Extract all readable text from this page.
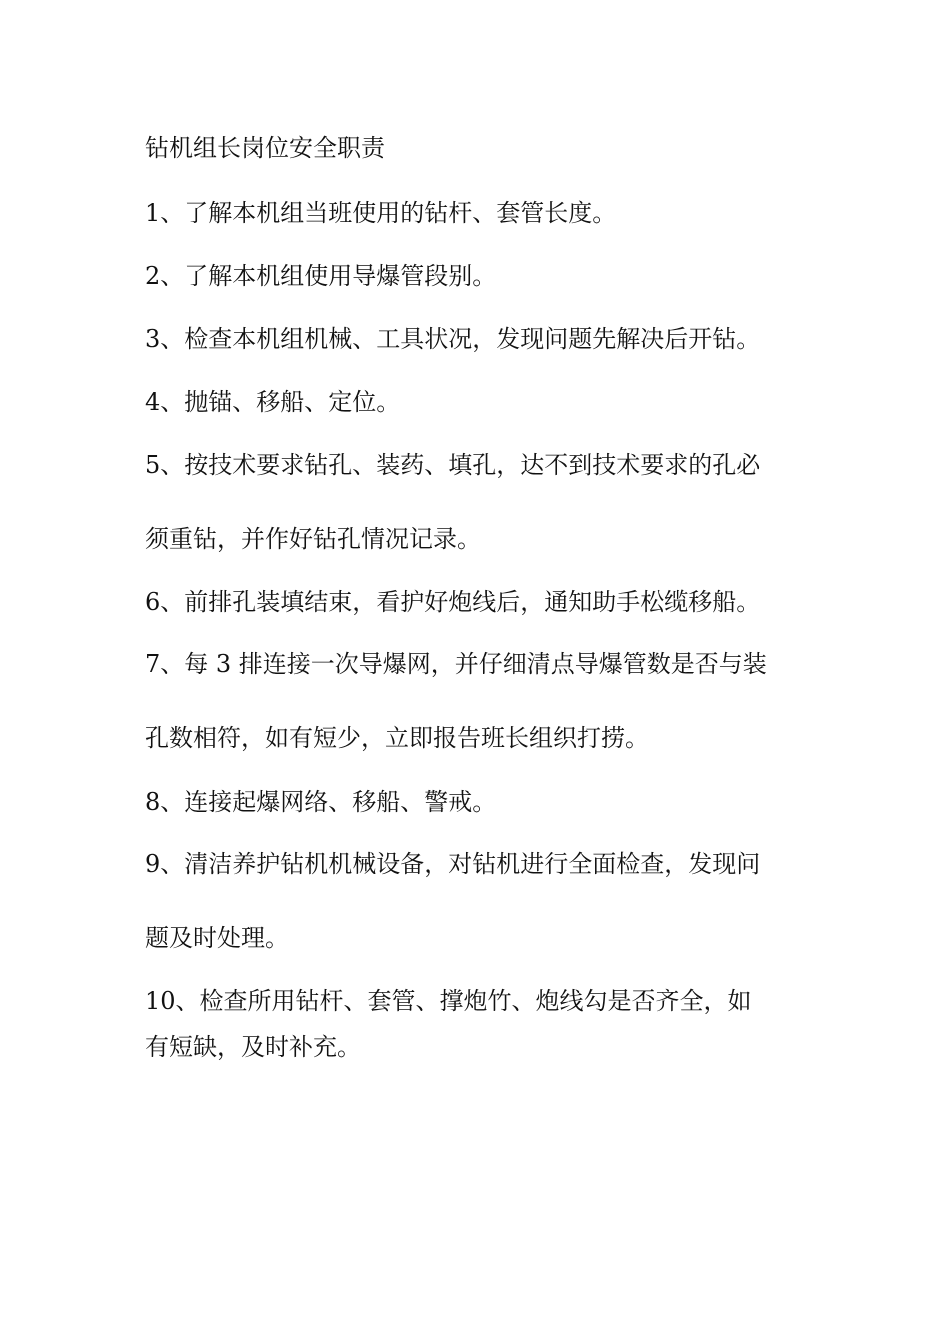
钻机组长岗位安全职责
1、了解本机组当班使用的钻杆、套管长度。
2、了解本机组使用导爆管段别。
3、检查本机组机械、工具状况，发现问题先解决后开钻。
4、抛锚、移船、定位。
5、按技术要求钻孔、装药、填孔，达不到技术要求的孔必
须重钻，并作好钻孔情况记录。
6、前排孔装填结束，看护好炮线后，通知助手松缆移船。
7、每 3 排连接一次导爆网，并仔细清点导爆管数是否与装
孔数相符，如有短少，立即报告班长组织打捞。
8、连接起爆网络、移船、警戒。
9、清洁养护钻机机械设备，对钻机进行全面检查，发现问
题及时处理。
10、检查所用钻杆、套管、撑炮竹、炮线勾是否齐全，如
有短缺，及时补充。
